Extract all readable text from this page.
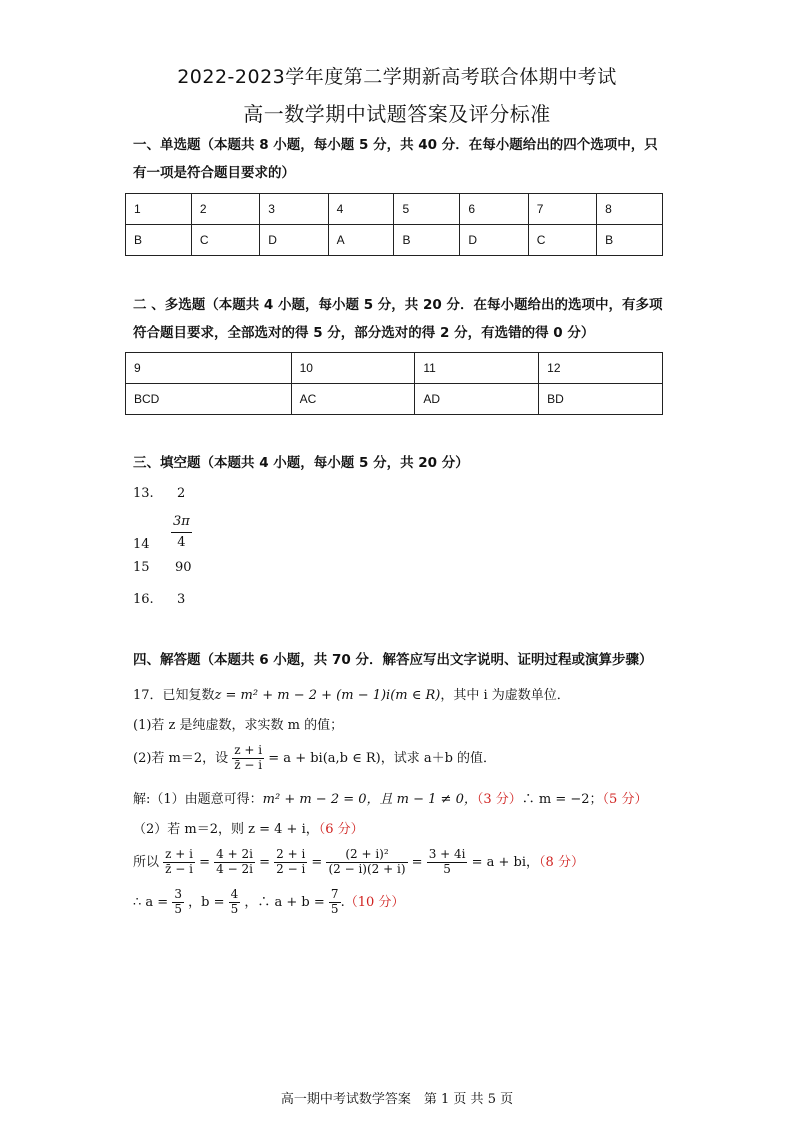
2022-2023学年度第二学期新高考联合体期中考试
高一数学期中试题答案及评分标准
一、单选题（本题共 8 小题，每小题 5 分，共 40 分．在每小题给出的四个选项中，只
有一项是符合题目要求的）
1	2	3	4	5	6	7	8
B	C	D	A	B	D	C	B
二 、多选题（本题共 4 小题，每小题 5 分，共 20 分．在每小题给出的选项中，有多项
符合题目要求，全部选对的得 5 分，部分选对的得 2 分，有选错的得 0 分）
9	10	11	12
BCD	AC	AD	BD
三、填空题（本题共 4 小题，每小题 5 分，共 20 分）
13. 2
$14 \frac{3\pi}{4}$
15 90
16. 3
四、解答题（本题共 6 小题，共 70 分．解答应写出文字说明、证明过程或演算步骤）
17．已知复数z = m² + m − 2 + (m − 1)i(m ∈ R)，其中 i 为虚数单位．
(1)若 z 是纯虚数，求实数 m 的值；
(2)若 m＝2，设 $\frac{z + i}{z̄ - i} = a + bi(a,b$ ∈ R)，试求 a＋b 的值．
解:（1）由题意可得：m² + m − 2 = 0，且 m − 1 ≠ 0，（3 分）∴ m = −2；（5 分）
（2）若 m＝2，则 z = 4 + i，（6 分）
所以 $\frac{z + i}{z̄ - i} = \frac{4 + 2i}{4 - 2i} = \frac{2 + i}{2 - i} = \frac{\text{(2 + i)²}}{(2 - i)(2 + i)} = \frac{3 + 4i}{5} = a$ + bi，（8 分）
∴ $a = \frac{3}{5}$ ，$b = \frac{4}{5}$ ，∴ $a + b = \frac{7}{5} .(10$ 分）
高一期中考试数学答案　第 1 页 共 5 页
